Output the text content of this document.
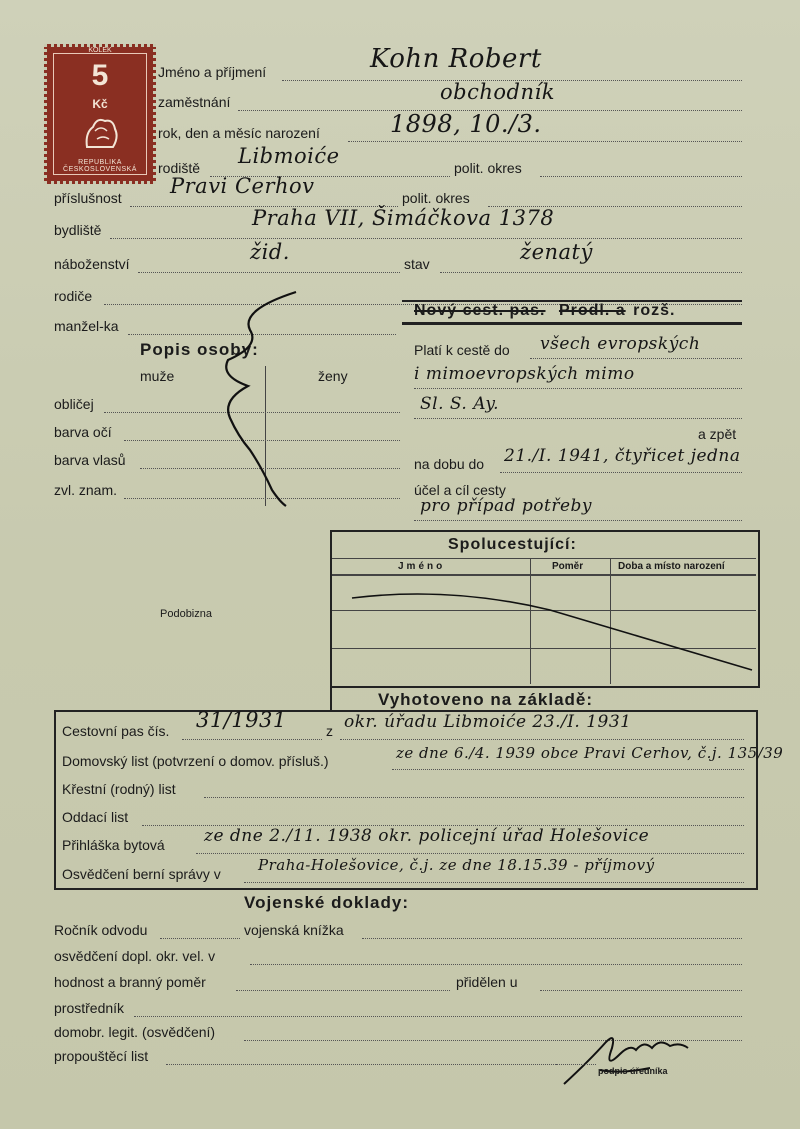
KOLEK
5
Kč
REPUBLIKA ČESKOSLOVENSKÁ
Jméno a příjmení	Kohn Robert
zaměstnání	obchodník
rok, den a měsíc narození	1898, 10./3.
rodiště Libmoiće	polit. okres
příslušnost Pravi Cerhov	polit. okres
bydliště	Praha VII, Šimáčkova 1378
náboženství	žid.	stav	ženatý
rodiče
manžel-ka
Nový cest. pas. Prodl. a rozš.
Platí k cestě do všech evropských
i mimoevropských mimo
Sl. S. Ay.
a zpět
na dobu do 21./I. 1941, čtyřicet jedna
účel a cíl cesty
pro případ potřeby
Popis osoby:
muže	ženy
obličej
barva očí
barva vlasů
zvl. znam.
Spolucestující:
Jméno	Poměr	Doba a místo narození
Podobizna
Vyhotoveno na základě:
Cestovní pas čís. 31/1931	z okr. úřadu Libmoiće 23./I. 1931
Domovský list (potvrzení o domov. přísluš.)	ze dne 6./4. 1939 obce Pravi Cerhov, č.j. 135/39
Křestní (rodný) list
Oddací list
Přihláška bytová ze dne 2./11. 1938 okr. policejní úřad Holešovice
Osvědčení berní správy v Praha-Holešovice, č.j. ze dne 18.15.39 - příjmový
Vojenské doklady:
Ročník odvodu	vojenská knížka
osvědčení dopl. okr. vel. v
hodnost a branný poměr	přidělen u
prostředník
domobr. legit. (osvědčení)
propouštěcí list
podpis úředníka
